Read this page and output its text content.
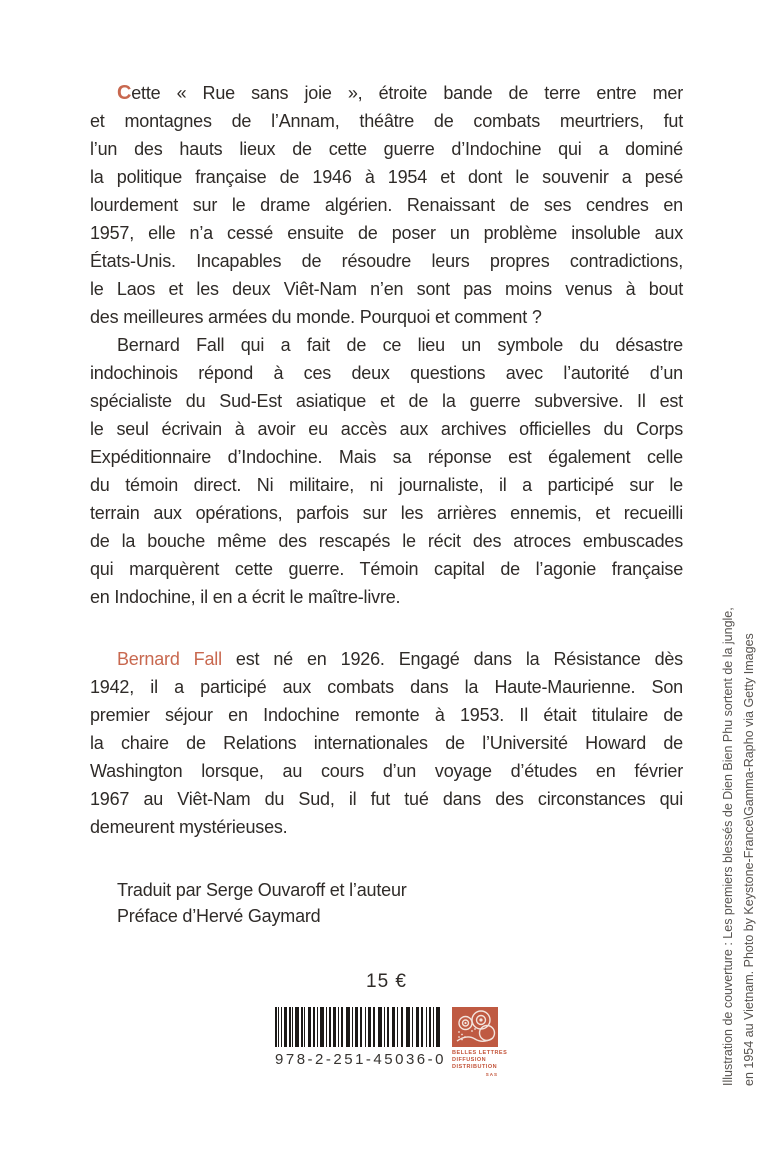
Cette « Rue sans joie », étroite bande de terre entre mer
et montagnes de l’Annam, théâtre de combats meurtriers, fut
l’un des hauts lieux de cette guerre d’Indochine qui a dominé
la politique française de 1946 à 1954 et dont le souvenir a pesé
lourdement sur le drame algérien. Renaissant de ses cendres en
1957, elle n’a cessé ensuite de poser un problème insoluble aux
États-Unis. Incapables de résoudre leurs propres contradictions,
le Laos et les deux Viêt-Nam n’en sont pas moins venus à bout
des meilleures armées du monde. Pourquoi et comment ?
Bernard Fall qui a fait de ce lieu un symbole du désastre
indochinois répond à ces deux questions avec l’autorité d’un
spécialiste du Sud-Est asiatique et de la guerre subversive. Il est
le seul écrivain à avoir eu accès aux archives officielles du Corps
Expéditionnaire d’Indochine. Mais sa réponse est également celle
du témoin direct. Ni militaire, ni journaliste, il a participé sur le
terrain aux opérations, parfois sur les arrières ennemis, et recueilli
de la bouche même des rescapés le récit des atroces embuscades
qui marquèrent cette guerre. Témoin capital de l’agonie française
en Indochine, il en a écrit le maître-livre.
Bernard Fall est né en 1926. Engagé dans la Résistance dès
1942, il a participé aux combats dans la Haute-Maurienne. Son
premier séjour en Indochine remonte à 1953. Il était titulaire de
la chaire de Relations internationales de l’Université Howard de
Washington lorsque, au cours d’un voyage d’études en février
1967 au Viêt-Nam du Sud, il fut tué dans des circonstances qui
demeurent mystérieuses.
Traduit par Serge Ouvaroff et l’auteur
Préface d’Hervé Gaymard
15 €
978-2-251-45036-0 BELLES LETTRES
DIFFUSION
DISTRIBUTION
SAS	Illustration de couverture : Les premiers blessés de Dien Bien Phu sortent de la jungle, en 1954 au Vietnam. Photo by Keystone-France\Gamma-Rapho via Getty Images
